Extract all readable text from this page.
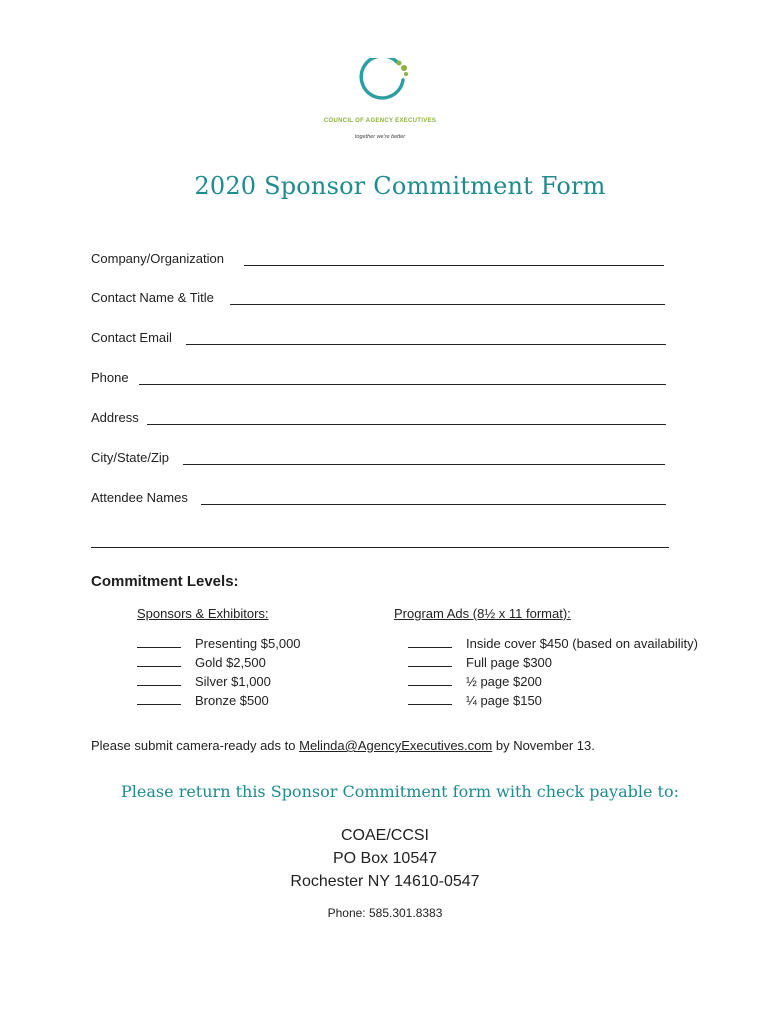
COUNCIL OF AGENCY EXECUTIVES
together we're better
2020 Sponsor Commitment Form
Company/Organization
Contact Name & Title
Contact Email
Phone
Address
City/State/Zip
Attendee Names
Commitment Levels:
Sponsors & Exhibitors:	Program Ads (8½ x 11 format):
Presenting $5,000
Gold $2,500
Silver $1,000
Bronze $500
Inside cover $450 (based on availability)
Full page $300
½ page $200
¼ page $150
Please submit camera-ready ads to Melinda@AgencyExecutives.com by November 13.
Please return this Sponsor Commitment form with check payable to:
COAE/CCSI
PO Box 10547
Rochester NY 14610-0547
Phone: 585.301.8383
